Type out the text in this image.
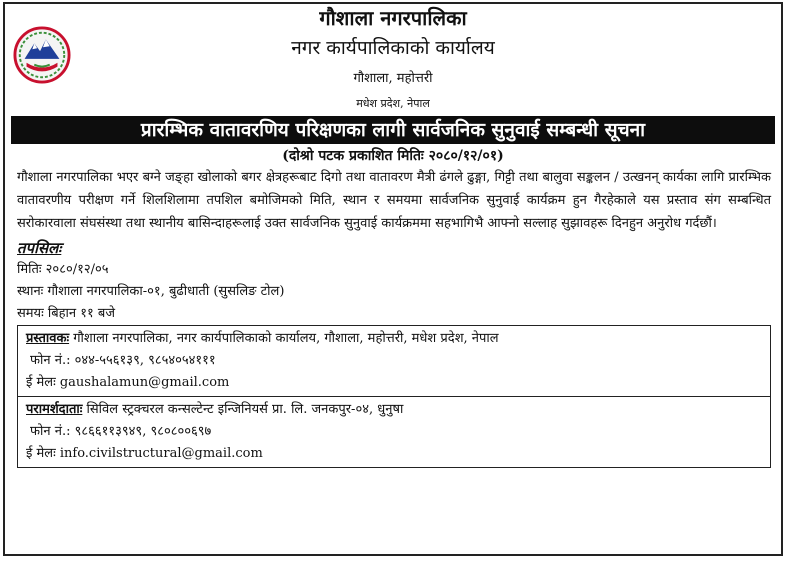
गौशाला नगरपालिका
नगर कार्यपालिकाको कार्यालय
गौशाला, महोत्तरी
मधेश प्रदेश, नेपाल
प्रारम्भिक वातावरणिय परिक्षणका लागी सार्वजनिक सुनुवाई सम्बन्धी सूचना
(दोश्रो पटक प्रकाशित मितिः २०८०/१२/०१)
गौशाला नगरपालिका भएर बग्ने जङ्हा खोलाको बगर क्षेत्रहरूबाट दिगो तथा वातावरण मैत्री ढंगले ढुङ्गा, गिट्टी तथा बालुवा सङ्कलन / उत्खनन् कार्यका लागि प्रारम्भिक वातावरणीय परीक्षण गर्ने शिलशिलामा तपशिल बमोजिमको मिति, स्थान र समयमा सार्वजनिक सुनुवाई कार्यक्रम हुन गैरहेकाले यस प्रस्ताव संग सम्बन्धित सरोकारवाला संघसंस्था तथा स्थानीय बासिन्दाहरूलाई उक्त सार्वजनिक सुनुवाई कार्यक्रममा सहभागिभै आफ्नो सल्लाह सुझावहरू दिनहुन अनुरोध गर्दछौं।
तपसिलः
मितिः २०८०/१२/०५
स्थानः गौशाला नगरपालिका-०१, बुढीधाती (सुसलिङ टोल)
समयः बिहान ११ बजे
प्रस्तावकः गौशाला नगरपालिका, नगर कार्यपालिकाको कार्यालय, गौशाला, महोत्तरी, मधेश प्रदेश, नेपाल
फोन नं.: ०४४-५५६१३९, ९८५४०५४१११
ई मेलः gaushalamun@gmail.com
परामर्शदाताः सिविल स्ट्रक्चरल कन्सल्टेन्ट इन्जिनियर्स प्रा. लि. जनकपुर-०४, धुनुषा
फोन नं.: ९८६६११३९४९, ९८०८००६९७
ई मेलः info.civilstructural@gmail.com
